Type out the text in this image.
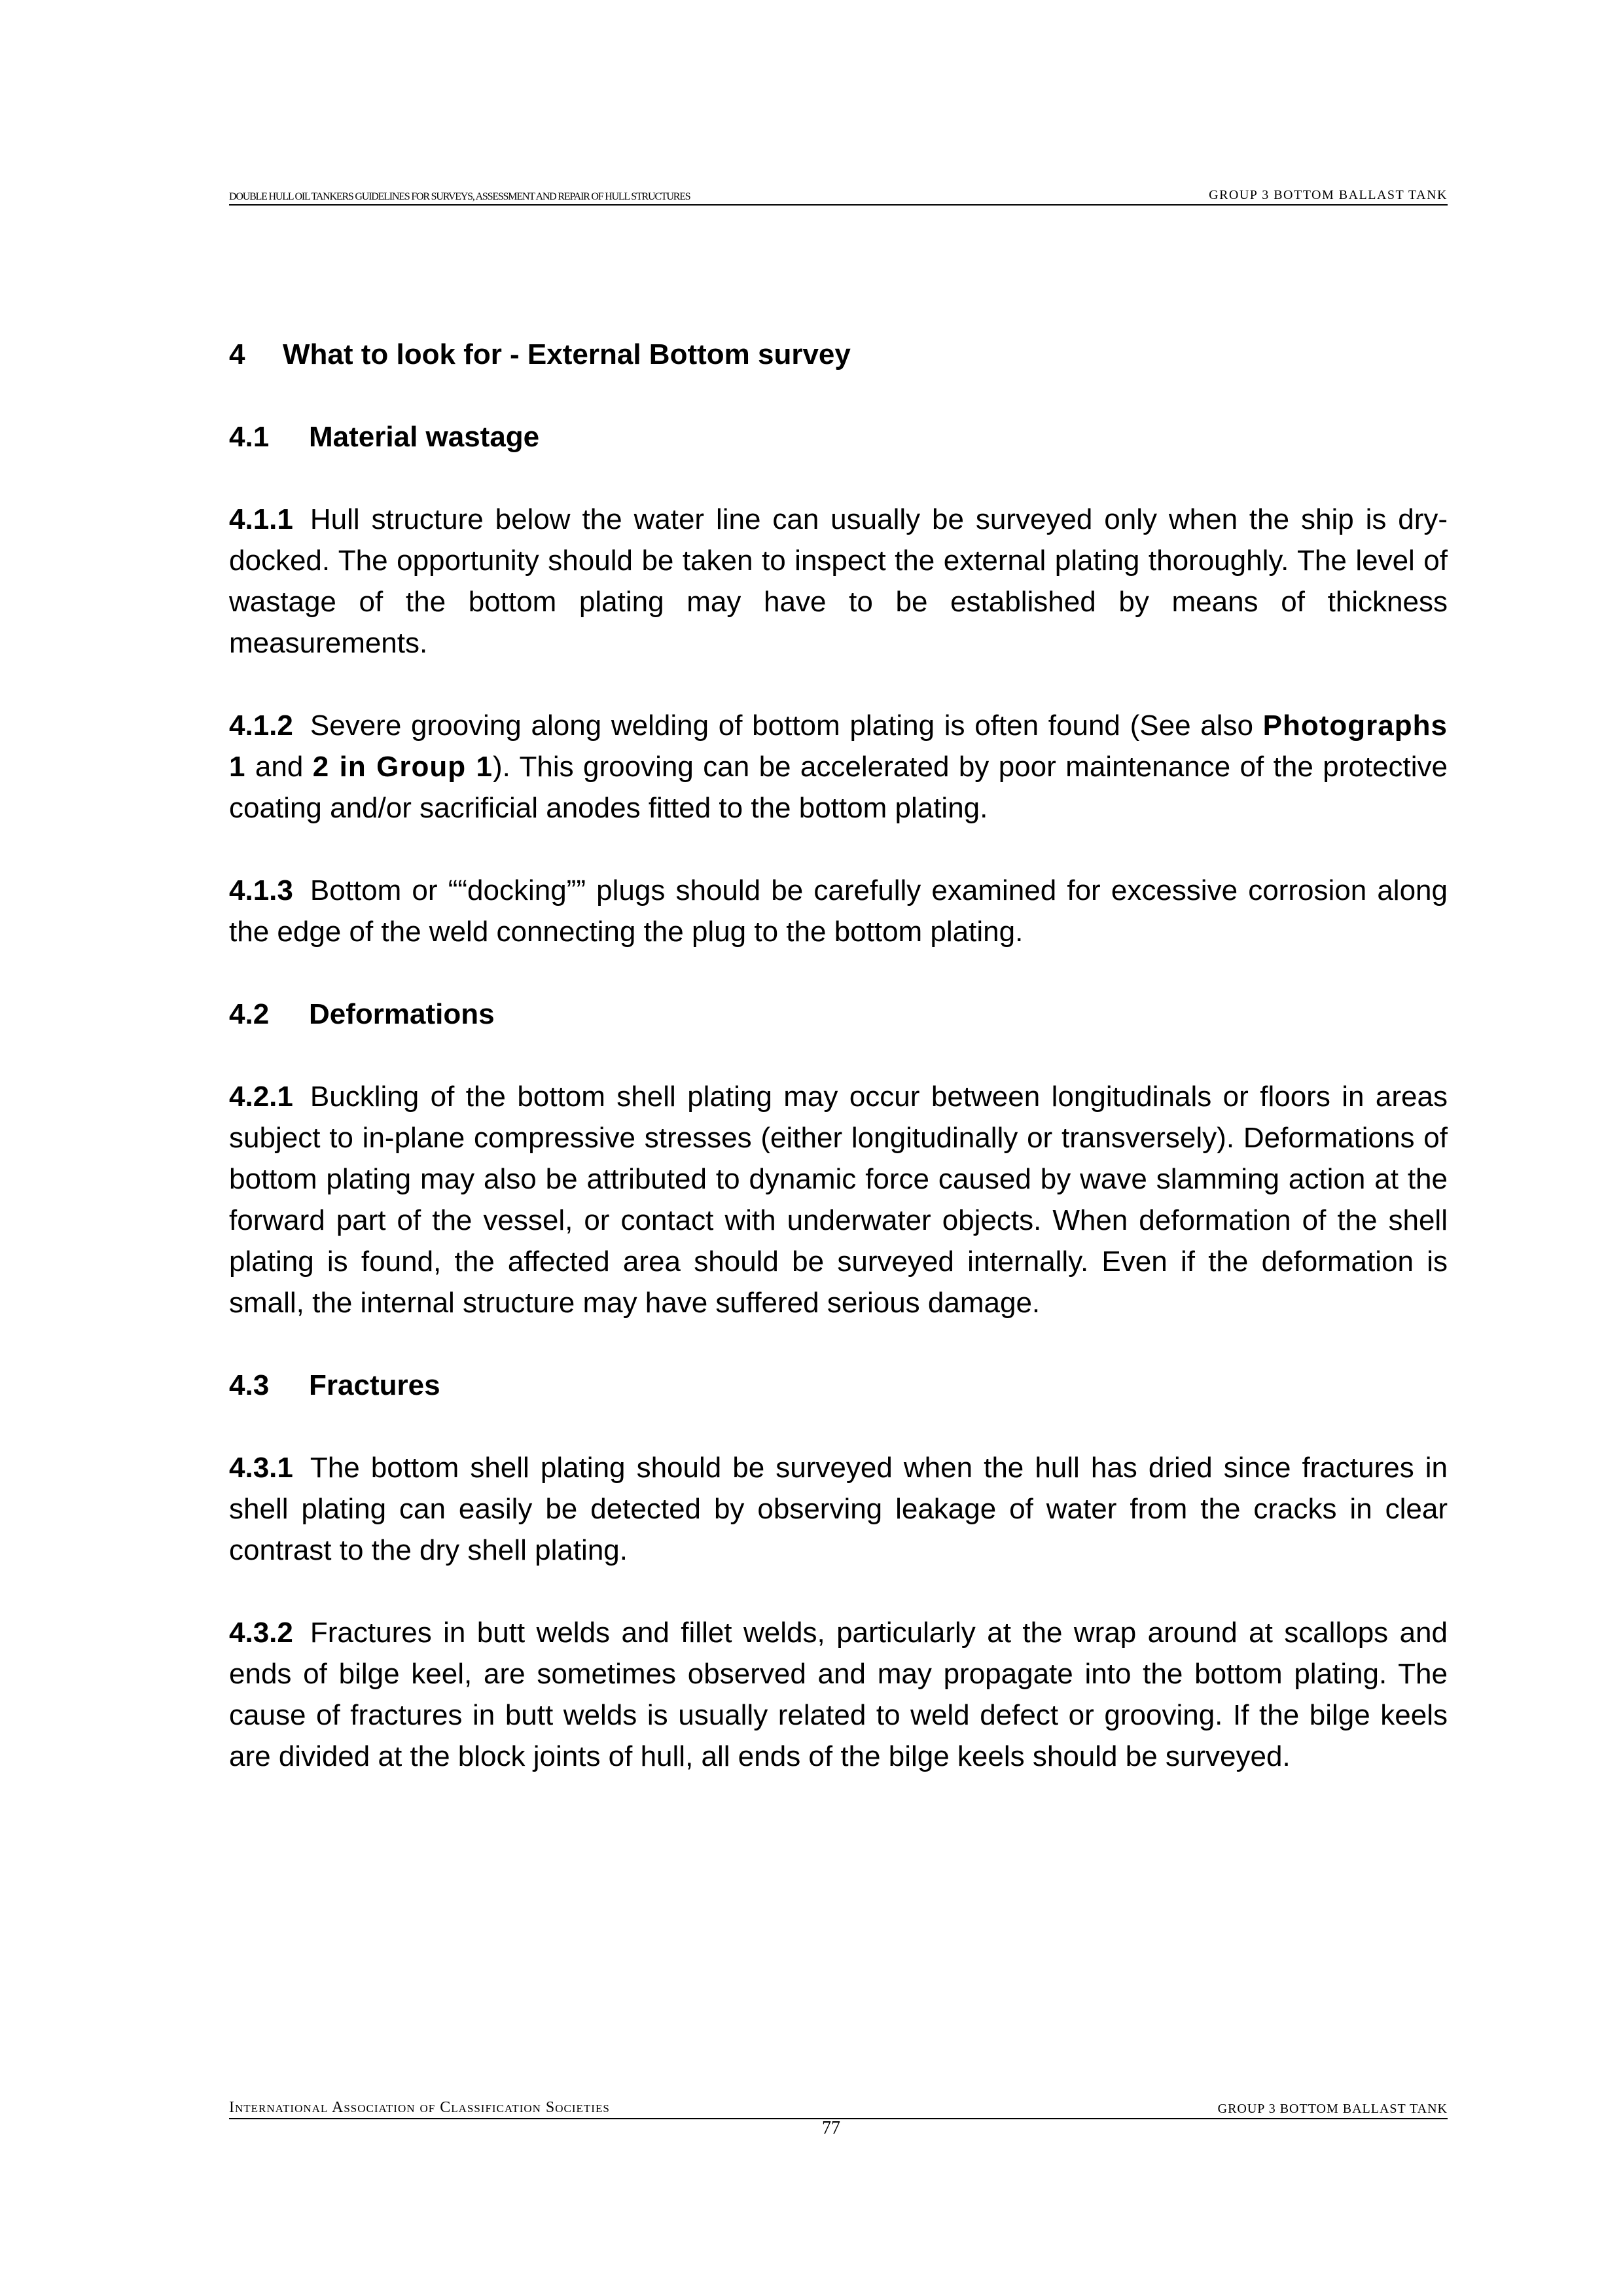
DOUBLE HULL OIL TANKERS GUIDELINES FOR SURVEYS, ASSESSMENT AND REPAIR OF HULL STRUCTURES	GROUP 3 BOTTOM BALLAST TANK
4 What to look for - External Bottom survey
4.1 Material wastage

4.1.1 Hull structure below the water line can usually be surveyed only when the ship is dry-docked. The opportunity should be taken to inspect the external plating thoroughly. The level of wastage of the bottom plating may have to be established by means of thickness measurements.

4.1.2 Severe grooving along welding of bottom plating is often found (See also Photographs 1 and 2 in Group 1). This grooving can be accelerated by poor maintenance of the protective coating and/or sacrificial anodes fitted to the bottom plating.

4.1.3 Bottom or ““docking”” plugs should be carefully examined for excessive corrosion along the edge of the weld connecting the plug to the bottom plating.

4.2 Deformations

4.2.1 Buckling of the bottom shell plating may occur between longitudinals or floors in areas subject to in-plane compressive stresses (either longitudinally or transversely). Deformations of bottom plating may also be attributed to dynamic force caused by wave slamming action at the forward part of the vessel, or contact with underwater objects. When deformation of the shell plating is found, the affected area should be surveyed internally. Even if the deformation is small, the internal structure may have suffered serious damage.

4.3 Fractures

4.3.1 The bottom shell plating should be surveyed when the hull has dried since fractures in shell plating can easily be detected by observing leakage of water from the cracks in clear contrast to the dry shell plating.

4.3.2 Fractures in butt welds and fillet welds, particularly at the wrap around at scallops and ends of bilge keel, are sometimes observed and may propagate into the bottom plating. The cause of fractures in butt welds is usually related to weld defect or grooving. If the bilge keels are divided at the block joints of hull, all ends of the bilge keels should be surveyed.

International Association of Classification Societies	GROUP 3 BOTTOM BALLAST TANK
77
